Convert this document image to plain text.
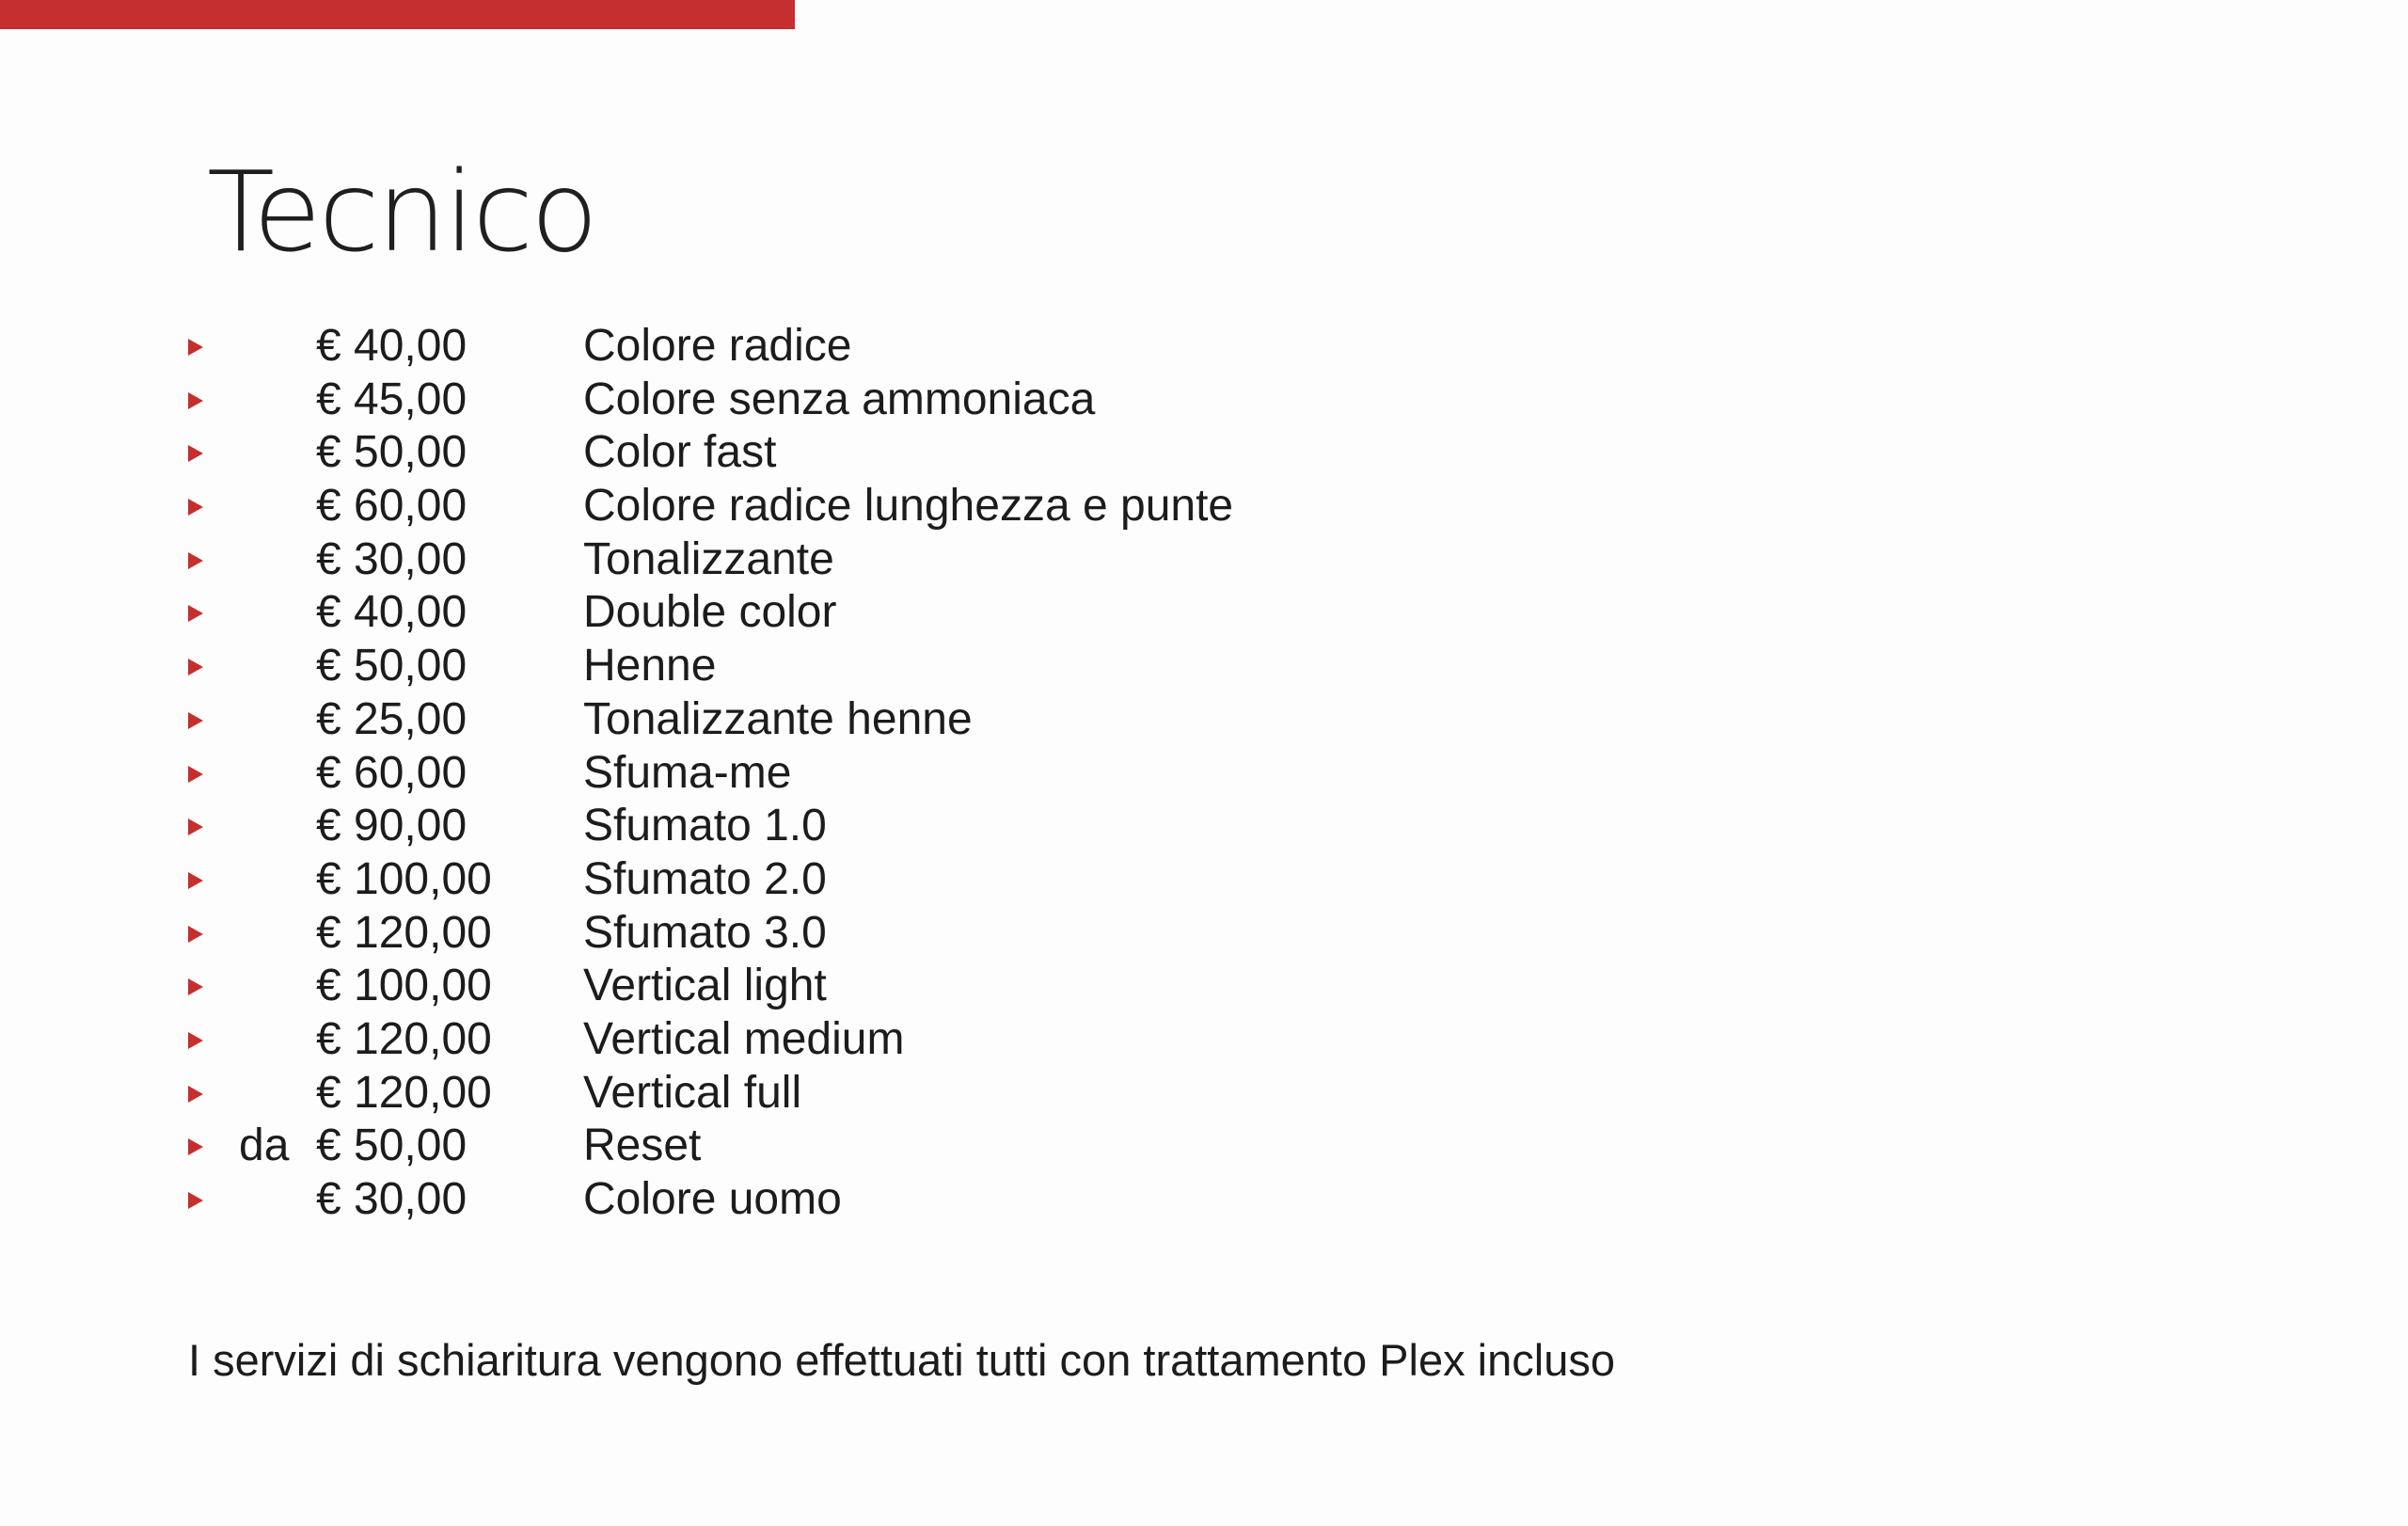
Tecnico
€ 40,00	Colore radice
€ 45,00	Colore senza ammoniaca
€ 50,00	Color fast
€ 60,00	Colore radice lunghezza e punte
€ 30,00	Tonalizzante
€ 40,00	Double color
€ 50,00	Henne
€ 25,00	Tonalizzante henne
€ 60,00	Sfuma-me
€ 90,00	Sfumato 1.0
€ 100,00 Sfumato 2.0
€ 120,00 Sfumato 3.0
€ 100,00 Vertical light
€ 120,00 Vertical medium
€ 120,00 Vertical full
da € 50,00	Reset
€ 30,00	Colore uomo

I servizi di schiaritura vengono effettuati tutti con trattamento Plex incluso
